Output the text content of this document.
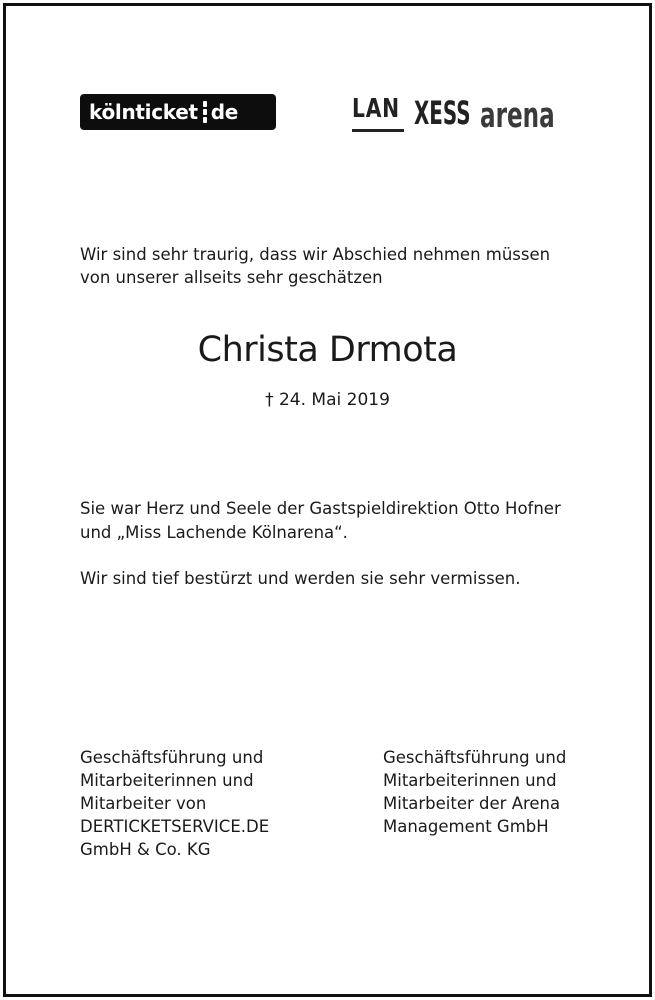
kölnticket de	LAN XESS arena

Wir sind sehr traurig, dass wir Abschied nehmen müssen
von unserer allseits sehr geschätzen

Christa Drmota

† 24. Mai 2019

Sie war Herz und Seele der Gastspieldirektion Otto Hofner
und „Miss Lachende Kölnarena“.

Wir sind tief bestürzt und werden sie sehr vermissen.

Geschäftsführung und
Mitarbeiterinnen und
Mitarbeiter von
DERTICKETSERVICE.DE
GmbH & Co. KG

Geschäftsführung und
Mitarbeiterinnen und
Mitarbeiter der Arena
Management GmbH
